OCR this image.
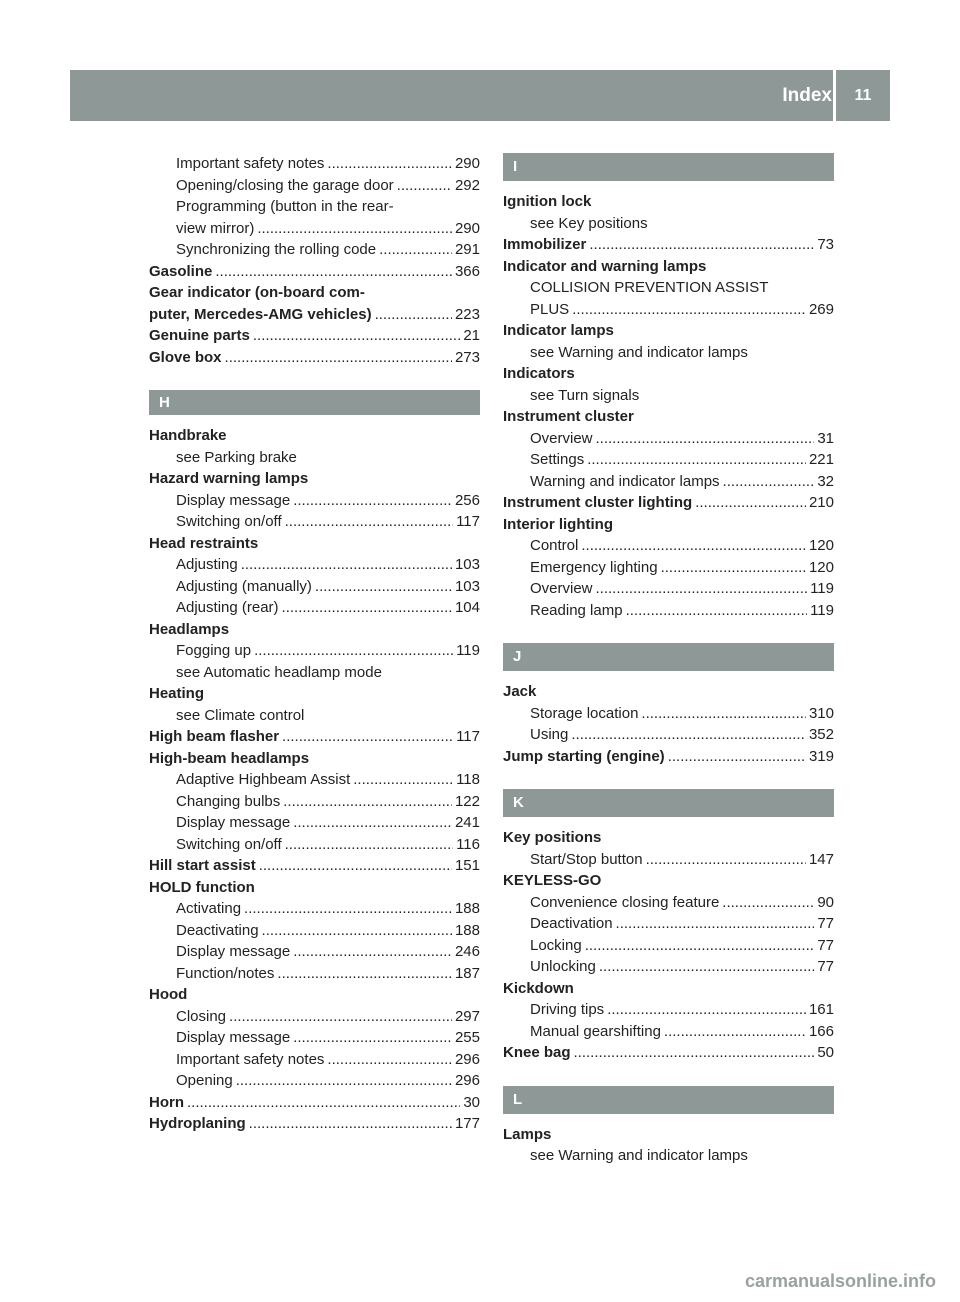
Index	11
Important safety notes .....	290
Opening/closing the garage door .....	292
Programming (button in the rear-
view mirror) .....	290
Synchronizing the rolling code .....	291
Gasoline .....	366
Gear indicator (on-board com-
puter, Mercedes-AMG vehicles) .....	223
Genuine parts .....	21
Glove box .....	273
H
Handbrake
see Parking brake
Hazard warning lamps
Display message .....	256
Switching on/off .....	117
Head restraints
Adjusting .....	103
Adjusting (manually) .....	103
Adjusting (rear) .....	104
Headlamps
Fogging up .....	119
see Automatic headlamp mode
Heating
see Climate control
High beam flasher .....	117
High-beam headlamps
Adaptive Highbeam Assist .....	118
Changing bulbs .....	122
Display message .....	241
Switching on/off .....	116
Hill start assist .....	151
HOLD function
Activating .....	188
Deactivating .....	188
Display message .....	246
Function/notes .....	187
Hood
Closing .....	297
Display message .....	255
Important safety notes .....	296
Opening .....	296
Horn .....	30
Hydroplaning .....	177
I
Ignition lock
see Key positions
Immobilizer .....	73
Indicator and warning lamps
COLLISION PREVENTION ASSIST
PLUS .....	269
Indicator lamps
see Warning and indicator lamps
Indicators
see Turn signals
Instrument cluster
Overview .....	31
Settings .....	221
Warning and indicator lamps .....	32
Instrument cluster lighting .....	210
Interior lighting
Control .....	120
Emergency lighting .....	120
Overview .....	119
Reading lamp .....	119
J
Jack
Storage location .....	310
Using .....	352
Jump starting (engine) .....	319
K
Key positions
Start/Stop button .....	147
KEYLESS-GO
Convenience closing feature .....	90
Deactivation .....	77
Locking .....	77
Unlocking .....	77
Kickdown
Driving tips .....	161
Manual gearshifting .....	166
Knee bag .....	50
L
Lamps
see Warning and indicator lamps
carmanualsonline.info
